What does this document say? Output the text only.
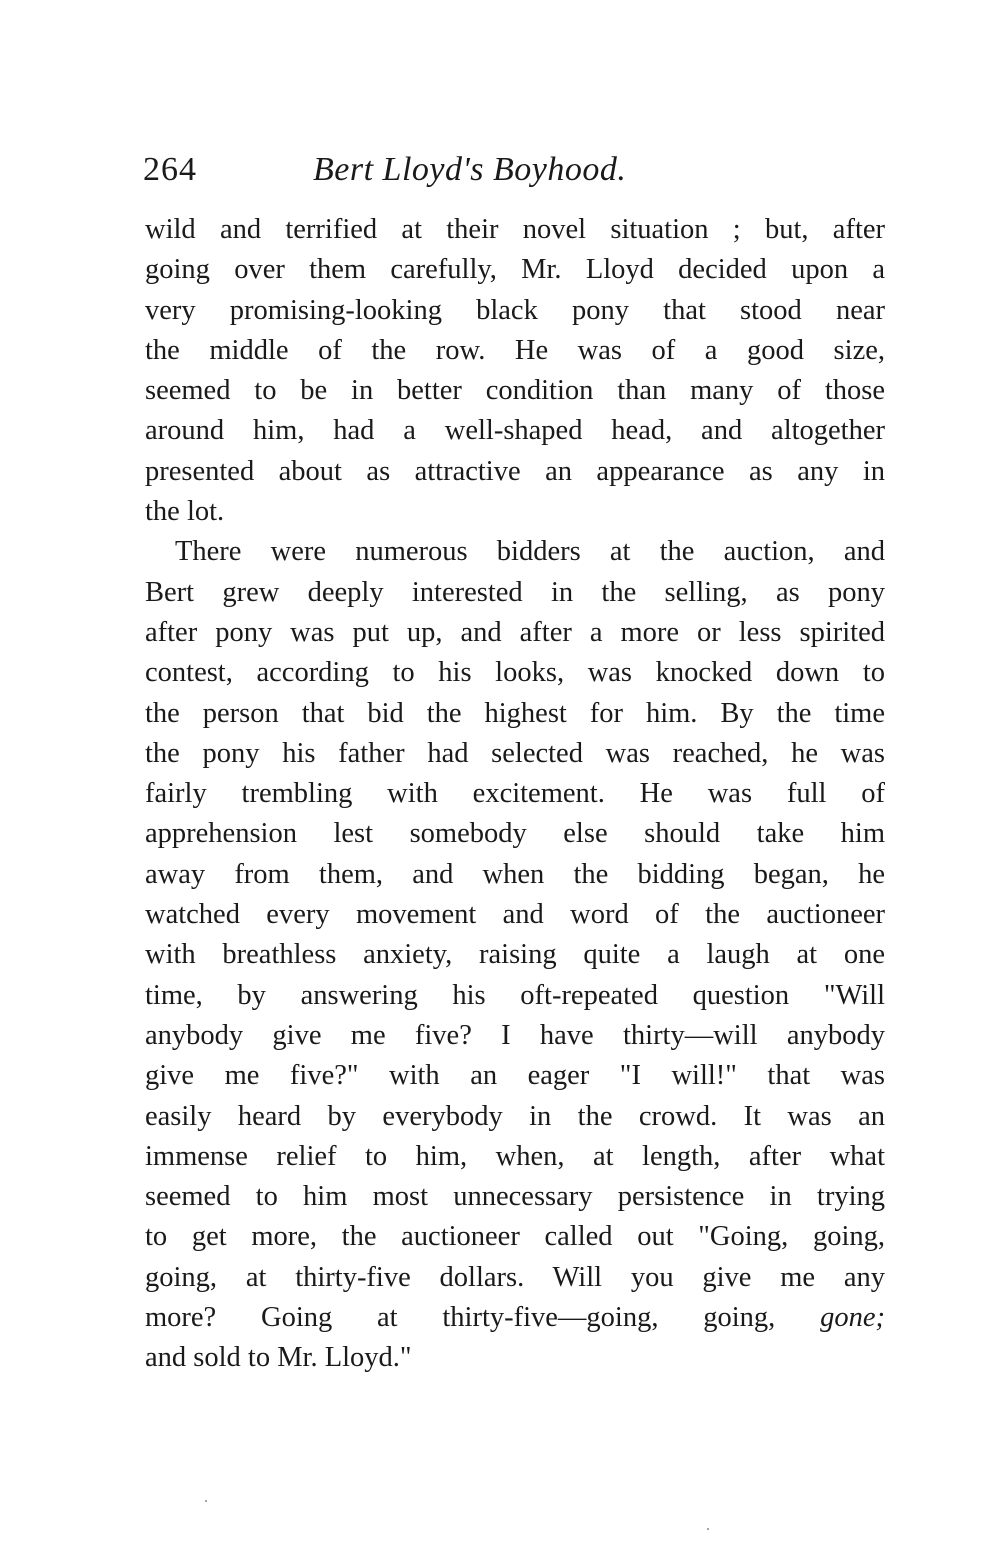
264	Bert Lloyd's Boyhood.
wild and terrified at their novel situation ; but, after
going over them carefully, Mr. Lloyd decided upon a
very promising-looking black pony that stood near
the middle of the row. He was of a good size,
seemed to be in better condition than many of those
around him, had a well-shaped head, and altogether
presented about as attractive an appearance as any in
the lot.
There were numerous bidders at the auction, and
Bert grew deeply interested in the selling, as pony
after pony was put up, and after a more or less spirited
contest, according to his looks, was knocked down to
the person that bid the highest for him. By the time
the pony his father had selected was reached, he was
fairly trembling with excitement. He was full of
apprehension lest somebody else should take him
away from them, and when the bidding began, he
watched every movement and word of the auctioneer
with breathless anxiety, raising quite a laugh at one
time, by answering his oft-repeated question "Will
anybody give me five? I have thirty—will anybody
give me five?" with an eager "I will!" that was
easily heard by everybody in the crowd. It was an
immense relief to him, when, at length, after what
seemed to him most unnecessary persistence in trying
to get more, the auctioneer called out "Going, going,
going, at thirty-five dollars. Will you give me any
more? Going at thirty-five—going, going, gone;
and sold to Mr. Lloyd."
